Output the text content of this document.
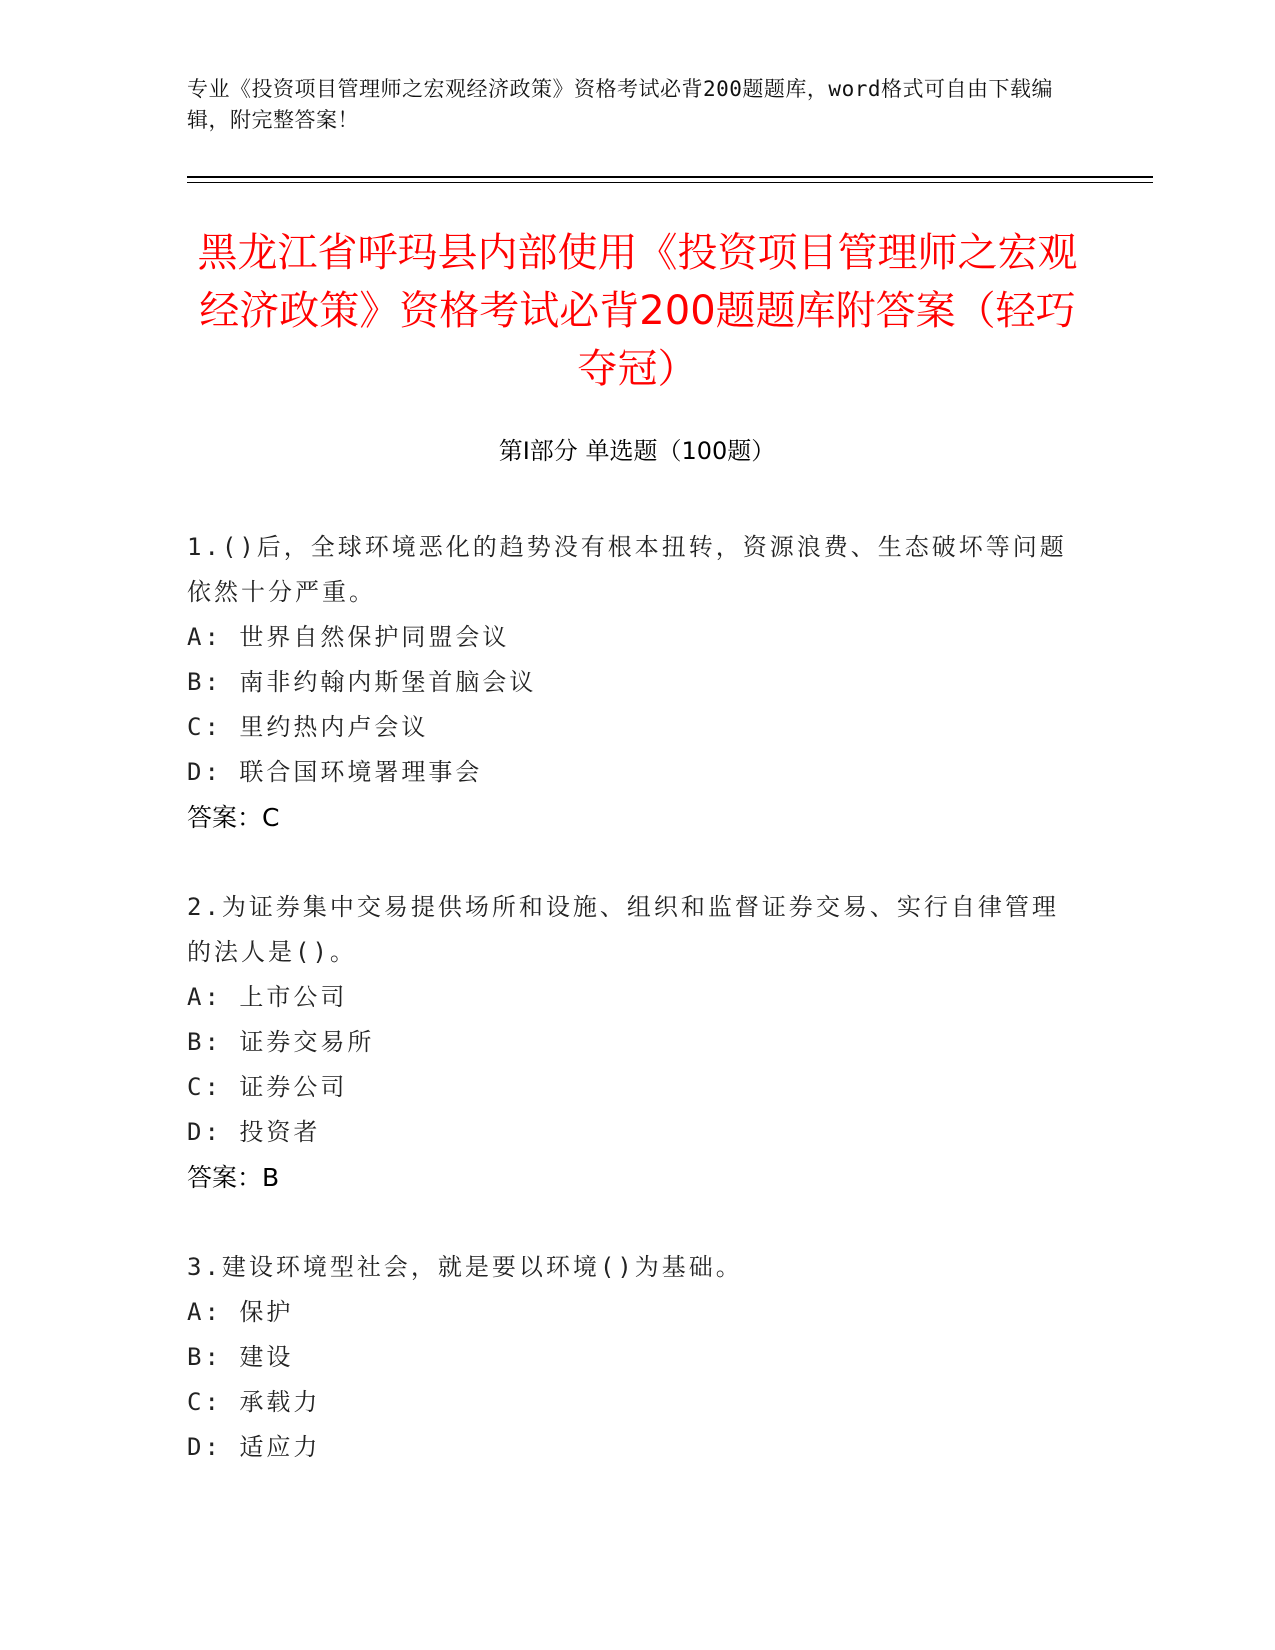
专业《投资项目管理师之宏观经济政策》资格考试必背200题题库，word格式可自由下载编辑，附完整答案！
黑龙江省呼玛县内部使用《投资项目管理师之宏观经济政策》资格考试必背200题题库附答案（轻巧夺冠）
第Ⅰ部分 单选题（100题）

1.()后，全球环境恶化的趋势没有根本扭转，资源浪费、生态破坏等问题依然十分严重。

A: 世界自然保护同盟会议

B: 南非约翰内斯堡首脑会议

C: 里约热内卢会议

D: 联合国环境署理事会

答案：C

2.为证券集中交易提供场所和设施、组织和监督证券交易、实行自律管理的法人是()。

A: 上市公司

B: 证券交易所

C: 证券公司

D: 投资者

答案：B

3.建设环境型社会，就是要以环境()为基础。

A: 保护

B: 建设

C: 承载力

D: 适应力
